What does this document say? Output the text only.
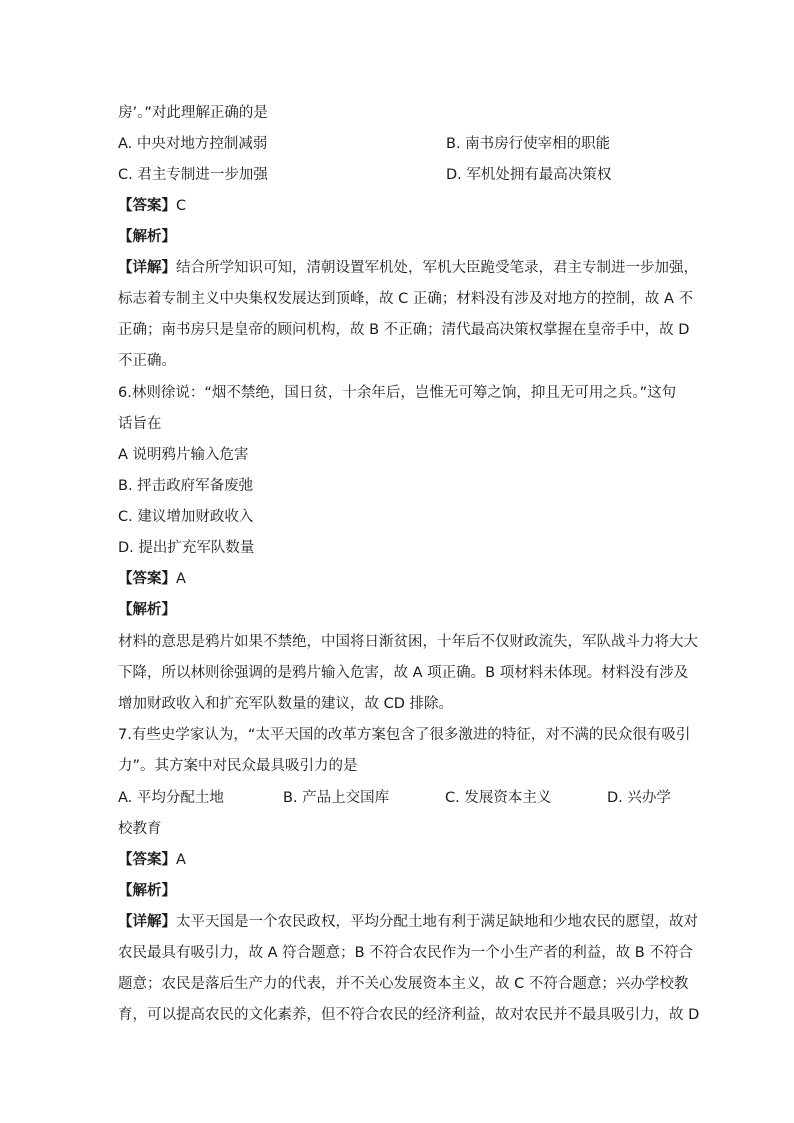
房’。”对此理解正确的是
A. 中央对地方控制减弱	B. 南书房行使宰相的职能
C. 君主专制进一步加强	D. 军机处拥有最高决策权
【答案】C
【解析】
【详解】结合所学知识可知，清朝设置军机处，军机大臣跪受笔录，君主专制进一步加强，
标志着专制主义中央集权发展达到顶峰，故 C 正确；材料没有涉及对地方的控制，故 A 不
正确；南书房只是皇帝的顾问机构，故 B 不正确；清代最高决策权掌握在皇帝手中，故 D
不正确。
6.林则徐说：“烟不禁绝，国日贫，十余年后，岂惟无可筹之饷，抑且无可用之兵。”这句
话旨在
A 说明鸦片输入危害
B. 抨击政府军备废弛
C. 建议增加财政收入
D. 提出扩充军队数量
【答案】A
【解析】
材料的意思是鸦片如果不禁绝，中国将日渐贫困，十年后不仅财政流失，军队战斗力将大大
下降，所以林则徐强调的是鸦片输入危害，故 A 项正确。B 项材料未体现。材料没有涉及
增加财政收入和扩充军队数量的建议，故 CD 排除。
7.有些史学家认为，“太平天国的改革方案包含了很多激进的特征，对不满的民众很有吸引
力”。其方案中对民众最具吸引力的是
A. 平均分配土地	B. 产品上交国库	C. 发展资本主义	D. 兴办学
校教育
【答案】A
【解析】
【详解】太平天国是一个农民政权，平均分配土地有利于满足缺地和少地农民的愿望，故对
农民最具有吸引力，故 A 符合题意；B 不符合农民作为一个小生产者的利益，故 B 不符合
题意；农民是落后生产力的代表，并不关心发展资本主义，故 C 不符合题意；兴办学校教
育，可以提高农民的文化素养，但不符合农民的经济利益，故对农民并不最具吸引力，故 D
